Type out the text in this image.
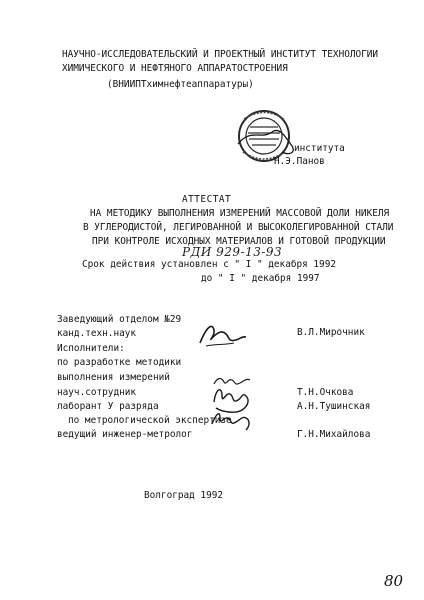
НАУЧНО-ИССЛЕДОВАТЕЛЬСКИЙ И ПРОЕКТНЫЙ ИНСТИТУТ ТЕХНОЛОГИИ
ХИМИЧЕСКОГО И НЕФТЯНОГО АППАРАТОСТРОЕНИЯ
(ВНИИПТхимнефтеаппаратуры)
института
Н.Э.Панов
АТТЕСТАТ
НА МЕТОДИКУ ВЫПОЛНЕНИЯ ИЗМЕРЕНИЙ МАССОВОЙ ДОЛИ НИКЕЛЯ
В УГЛЕРОДИСТОЙ, ЛЕГИРОВАННОЙ И ВЫСОКОЛЕГИРОВАННОЙ СТАЛИ
ПРИ КОНТРОЛЕ ИСХОДНЫХ МАТЕРИАЛОВ И ГОТОВОЙ ПРОДУКЦИИ
РДИ 929-13-93
Срок действия установлен с " I " декабря 1992
до " I " декабря 1997
Заведующий отделом №29
канд.техн.наук	В.Л.Мирочник
Исполнители:
по разработке методики
выполнения измерений
науч.сотрудник	Т.Н.Очкова
лаборант У разряда	А.Н.Тушинская
по метрологической экспертизе
ведущий инженер-метролог	Г.Н.Михайлова
Волгоград 1992
80
